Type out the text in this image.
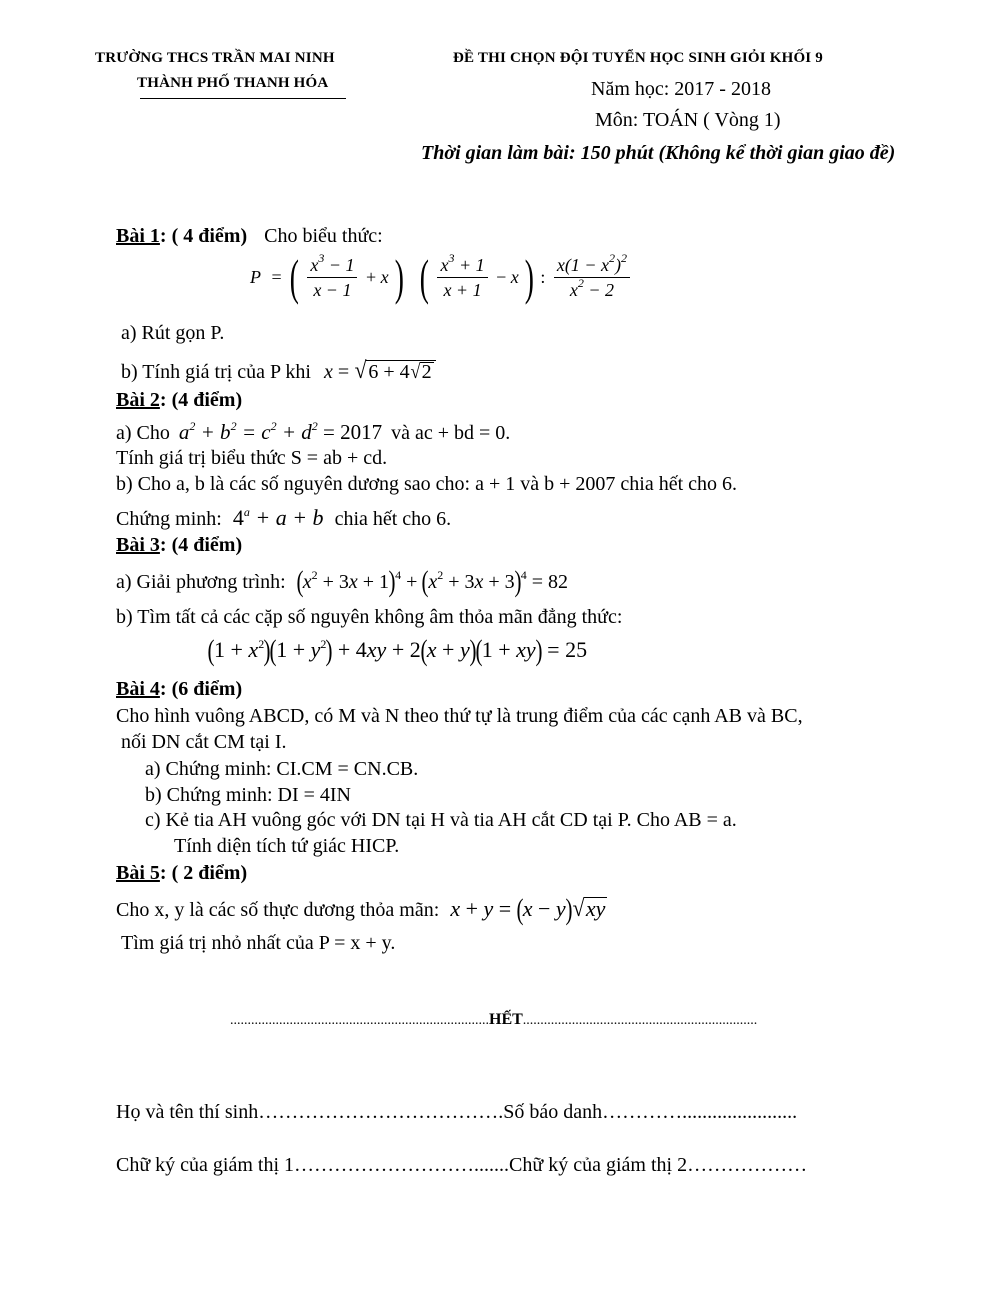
TRƯỜNG THCS TRẦN MAI NINH
THÀNH PHỐ THANH HÓA
ĐỀ THI CHỌN ĐỘI TUYỂN HỌC SINH GIỎI KHỐI 9
Năm học: 2017 - 2018
Môn: TOÁN ( Vòng 1)
Thời gian làm bài: 150 phút (Không kể thời gian giao đề)
Bài 1: ( 4 điểm) Cho biểu thức:
P = ( $\frac{x^3 - 1}{x - 1} + x$ ) ( $\frac{x^3 + 1}{x + 1} - x$ ) : $\frac{x(1 - x^2)^2}{x^2 - 2}$
a) Rút gọn P.
b) Tính giá trị của P khi x = √6 + 4√2
Bài 2: (4 điểm)
a) Cho $a^2 + b^2 = c^2 + d^2 = 2017$ và ac + bd = 0.
Tính giá trị biểu thức S = ab + cd.
b) Cho a, b là các số nguyên dương sao cho: a + 1 và b + 2007 chia hết cho 6.
Chứng minh: $4^a + a + b$ chia hết cho 6.
Bài 3: (4 điểm)
a) Giải phương trình: $(x^2 + 3x + 1)^4 + (x^2 + 3x + 3)^4 = 82$
b) Tìm tất cả các cặp số nguyên không âm thỏa mãn đẳng thức:
$(1 + x^2)(1 + y^2) + 4xy + 2(x + y)(1 + xy) = 25$
Bài 4: (6 điểm)
Cho hình vuông ABCD, có M và N theo thứ tự là trung điểm của các cạnh AB và BC,
nối DN cắt CM tại I.
a) Chứng minh: CI.CM = CN.CB.
b) Chứng minh: DI = 4IN
c) Kẻ tia AH vuông góc với DN tại H và tia AH cắt CD tại P. Cho AB = a.
Tính diện tích tứ giác HICP.
Bài 5: ( 2 điểm)
Cho x, y là các số thực dương thỏa mãn: x + y = (x − y)√xy
Tìm giá trị nhỏ nhất của P = x + y.
..........................................................................HẾT...................................................................
Họ và tên thí sinh……………………………….Số báo danh………….......................
Chữ ký của giám thị 1……………………….......Chữ ký của giám thị 2………………
